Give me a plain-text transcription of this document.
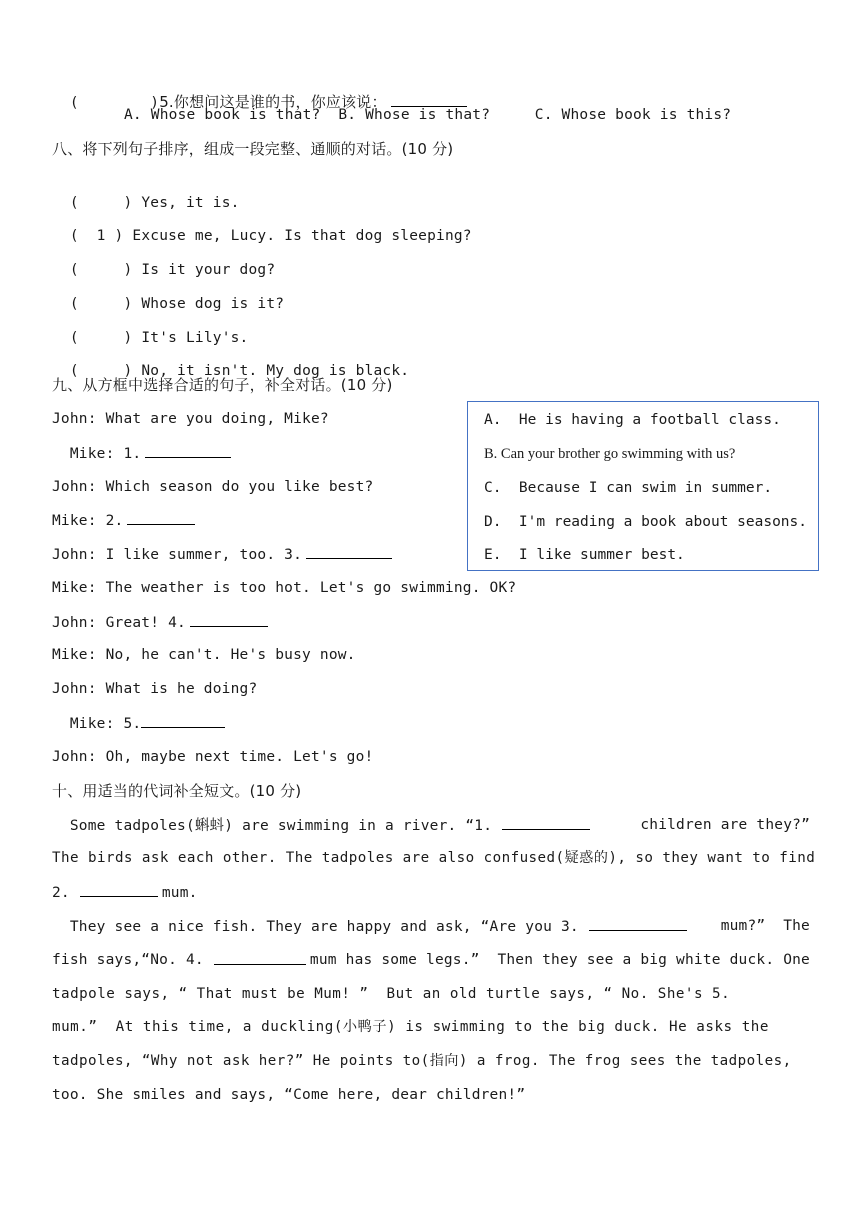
(        )5.你想问这是谁的书，你应该说：

A. Whose book is that?  B. Whose is that?     C. Whose book is this?
八、将下列句子排序，组成一段完整、通顺的对话。(10 分)

(     ) Yes, it is.

(  1 ) Excuse me, Lucy. Is that dog sleeping?

(     ) Is it your dog?

(     ) Whose dog is it?

(     ) It's Lily's.

(     ) No, it isn't. My dog is black.

九、从方框中选择合适的句子，补全对话。(10 分)
John: What are you doing, Mike?
Mike: 1.
John: Which season do you like best?
Mike: 2.
John: I like summer, too. 3.
Mike: The weather is too hot. Let's go swimming. OK?
John: Great! 4.
Mike: No, he can't. He's busy now.
John: What is he doing?
Mike: 5.
John: Oh, maybe next time. Let's go!
A.  He is having a football class.
B. Can your brother go swimming with us?
C.  Because I can swim in summer.
D.  I'm reading a book about seasons.
E.  I like summer best.
十、用适当的代词补全短文。(10 分)
Some tadpoles(蝌蚪) are swimming in a river. “1.	children are they?”
The birds ask each other. The tadpoles are also confused(疑惑的), so they want to find
2.	mum.
They see a nice fish. They are happy and ask, “Are you 3.	mum?”  The
fish says,“No. 4.	mum has some legs.”  Then they see a big white duck. One
tadpole says, “ That must be Mum! ”  But an old turtle says, “ No. She's 5.
mum.”  At this time, a duckling(小鸭子) is swimming to the big duck. He asks the
tadpoles, “Why not ask her?” He points to(指向) a frog. The frog sees the tadpoles,
too. She smiles and says, “Come here, dear children!”
